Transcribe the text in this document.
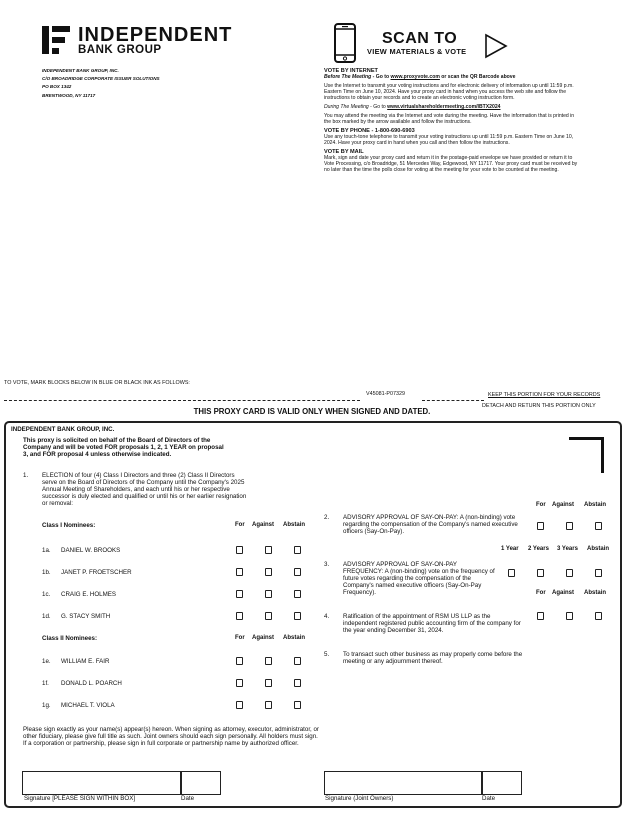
INDEPENDENT
BANK GROUP
INDEPENDENT BANK GROUP, INC.
C/O BROADRIDGE CORPORATE ISSUER SOLUTIONS
PO BOX 1342
BRENTWOOD, NY 11717
SCAN TO
VIEW MATERIALS & VOTE
VOTE BY INTERNET

Before The Meeting - Go to www.proxyvote.com or scan the QR Barcode above

Use the Internet to transmit your voting instructions and for electronic delivery of information up until 11:59 p.m. Eastern Time on June 10, 2024. Have your proxy card in hand when you access the web site and follow the instructions to obtain your records and to create an electronic voting instruction form.

During The Meeting - Go to www.virtualshareholdermeeting.com/IBTX2024

You may attend the meeting via the Internet and vote during the meeting. Have the information that is printed in the box marked by the arrow available and follow the instructions.

VOTE BY PHONE - 1-800-690-6903

Use any touch-tone telephone to transmit your voting instructions up until 11:59 p.m. Eastern Time on June 10, 2024. Have your proxy card in hand when you call and then follow the instructions.

VOTE BY MAIL

Mark, sign and date your proxy card and return it in the postage-paid envelope we have provided or return it to Vote Processing, c/o Broadridge, 51 Mercedes Way, Edgewood, NY 11717. Your proxy card must be received by no later than the time the polls close for voting at the meeting for your vote to be counted at the meeting.

TO VOTE, MARK BLOCKS BELOW IN BLUE OR BLACK INK AS FOLLOWS:
V45081-P07329	KEEP THIS PORTION FOR YOUR RECORDS
THIS PROXY CARD IS VALID ONLY WHEN SIGNED AND DATED.
DETACH AND RETURN THIS PORTION ONLY
INDEPENDENT BANK GROUP, INC.
This proxy is solicited on behalf of the Board of Directors of the Company and will be voted FOR proposals 1, 2, 1 YEAR on proposal 3, and FOR proposal 4 unless otherwise indicated.
1. ELECTION of four (4) Class I Directors and three (2) Class II Directors serve on the Board of Directors of the Company until the Company's 2025 Annual Meeting of Shareholders, and each until his or her respective successor is duly elected and qualified or until his or her earlier resignation or removal:
Class I Nominees:	For Against Abstain
1a. DANIEL W. BROOKS
1b. JANET P. FROETSCHER
1c. CRAIG E. HOLMES
1d. G. STACY SMITH
Class II Nominees:	For Against Abstain
1e. WILLIAM E. FAIR
1f. DONALD L. POARCH
1g. MICHAEL T. VIOLA
For Against Abstain
2. ADVISORY APPROVAL OF SAY-ON-PAY: A (non-binding) vote regarding the compensation of the Company's named executive officers (Say-On-Pay).
1 Year 2 Years 3 Years Abstain
3. ADVISORY APPROVAL OF SAY-ON-PAY FREQUENCY: A (non-binding) vote on the frequency of future votes regarding the compensation of the Company's named executive officers (Say-On-Pay Frequency).	For Against Abstain
4. Ratification of the appointment of RSM US LLP as the independent registered public accounting firm of the company for the year ending December 31, 2024.
5. To transact such other business as may properly come before the meeting or any adjournment thereof.
Please sign exactly as your name(s) appear(s) hereon. When signing as attorney, executor, administrator, or other fiduciary, please give full title as such. Joint owners should each sign personally. All holders must sign. If a corporation or partnership, please sign in full corporate or partnership name by authorized officer.
Signature [PLEASE SIGN WITHIN BOX]	Date	Signature (Joint Owners)	Date
